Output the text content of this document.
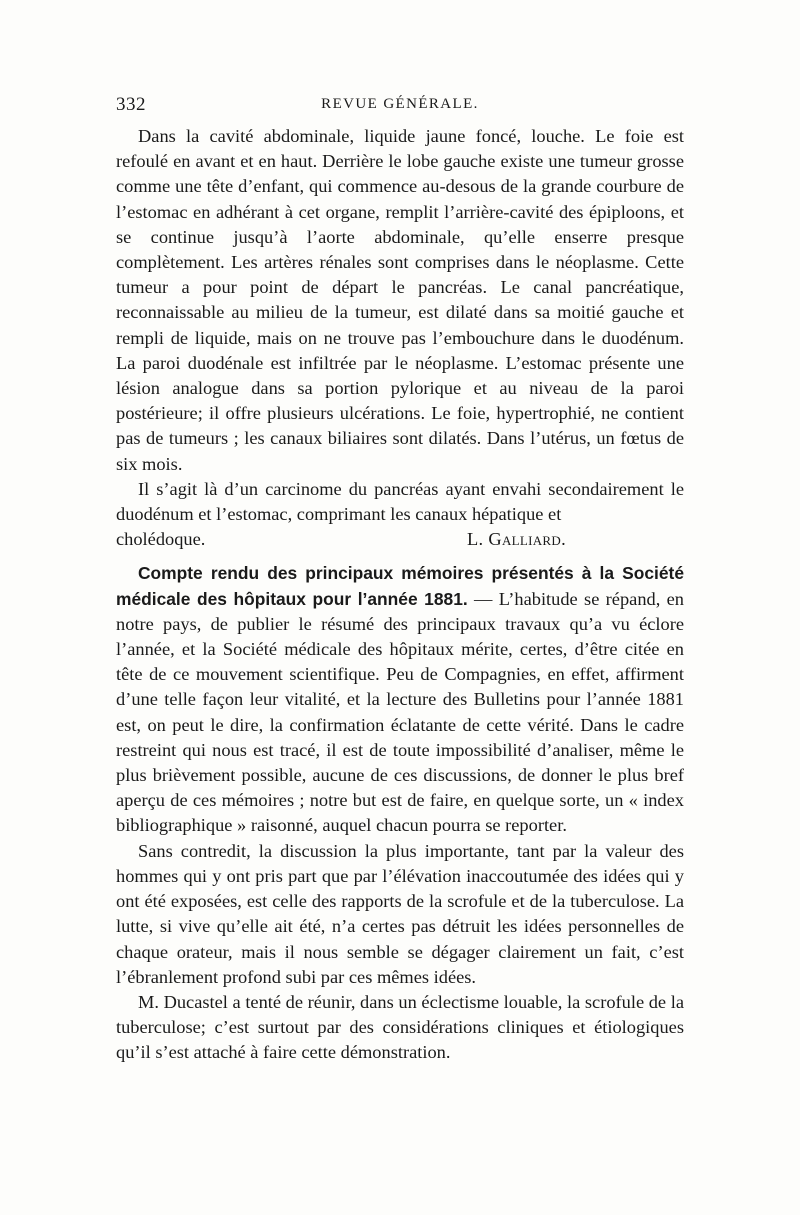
332	REVUE GÉNÉRALE.

Dans la cavité abdominale, liquide jaune foncé, louche. Le foie est refoulé en avant et en haut. Derrière le lobe gauche existe une tumeur grosse comme une tête d’enfant, qui commence au-desous de la grande courbure de l’estomac en adhérant à cet organe, remplit l’arrière-cavité des épiploons, et se continue jusqu’à l’aorte abdominale, qu’elle enserre presque complètement. Les artères rénales sont comprises dans le néoplasme. Cette tumeur a pour point de départ le pancréas. Le canal pancréatique, reconnaissable au milieu de la tumeur, est dilaté dans sa moitié gauche et rempli de liquide, mais on ne trouve pas l’embouchure dans le duodénum. La paroi duodénale est infiltrée par le néoplasme. L’estomac présente une lésion analogue dans sa portion pylorique et au niveau de la paroi postérieure; il offre plusieurs ulcérations. Le foie, hypertrophié, ne contient pas de tumeurs ; les canaux biliaires sont dilatés. Dans l’utérus, un fœtus de six mois.

Il s’agit là d’un carcinome du pancréas ayant envahi secondairement le duodénum et l’estomac, comprimant les canaux hépatique et

cholédoque.	L. Galliard.

Compte rendu des principaux mémoires présentés à la Société médicale des hôpitaux pour l’année 1881. — L’habitude se répand, en notre pays, de publier le résumé des principaux travaux qu’a vu éclore l’année, et la Société médicale des hôpitaux mérite, certes, d’être citée en tête de ce mouvement scientifique. Peu de Compagnies, en effet, affirment d’une telle façon leur vitalité, et la lecture des Bulletins pour l’année 1881 est, on peut le dire, la confirmation éclatante de cette vérité. Dans le cadre restreint qui nous est tracé, il est de toute impossibilité d’analiser, même le plus brièvement possible, aucune de ces discussions, de donner le plus bref aperçu de ces mémoires ; notre but est de faire, en quelque sorte, un « index bibliographique » raisonné, auquel chacun pourra se reporter.

Sans contredit, la discussion la plus importante, tant par la valeur des hommes qui y ont pris part que par l’élévation inaccoutumée des idées qui y ont été exposées, est celle des rapports de la scrofule et de la tuberculose. La lutte, si vive qu’elle ait été, n’a certes pas détruit les idées personnelles de chaque orateur, mais il nous semble se dégager clairement un fait, c’est l’ébranlement profond subi par ces mêmes idées.

M. Ducastel a tenté de réunir, dans un éclectisme louable, la scrofule de la tuberculose; c’est surtout par des considérations cliniques et étiologiques qu’il s’est attaché à faire cette démonstration.
